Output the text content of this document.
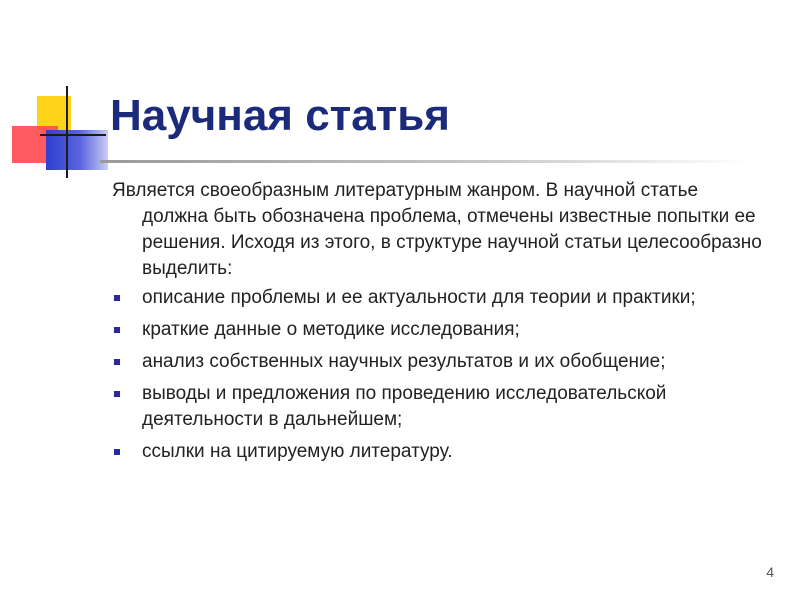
Научная статья

Является своеобразным литературным жанром. В научной статье должна быть обозначена проблема, отмечены известные попытки ее решения. Исходя из этого, в структуре научной статьи целесообразно выделить:

описание проблемы и ее актуальности для теории и практики;
краткие данные о методике исследования;
анализ собственных научных результатов и их обобщение;
выводы и предложения по проведению исследовательской деятельности в дальнейшем;
ссылки на цитируемую литературу.
4
